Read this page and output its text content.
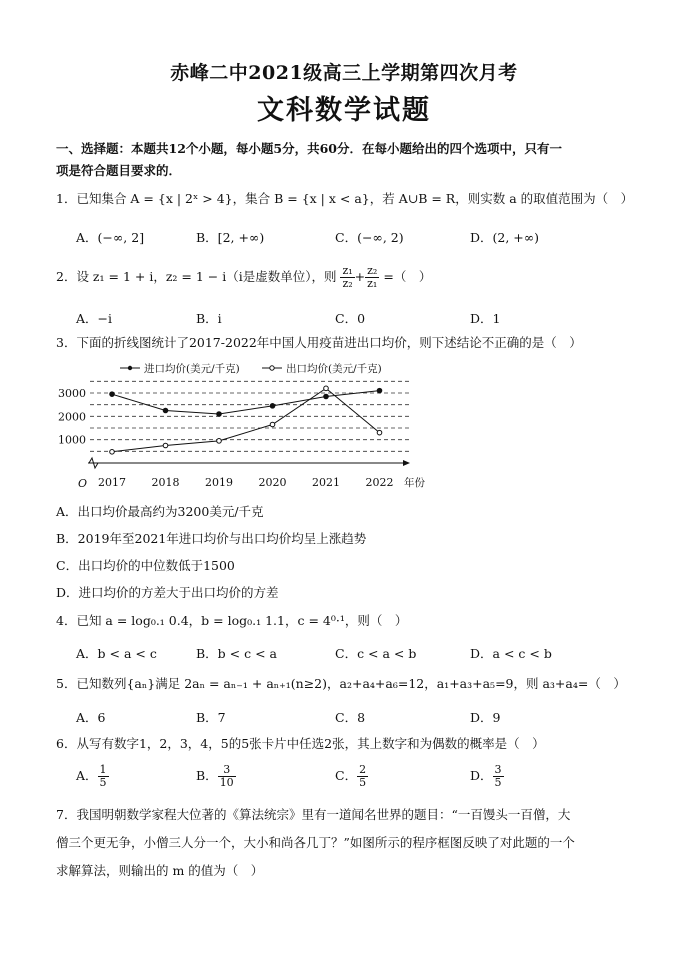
赤峰二中2021级高三上学期第四次月考
文科数学试题
一、选择题：本题共12个小题，每小题5分，共60分．在每小题给出的四个选项中，只有一
项是符合题目要求的．
1．已知集合 A = {x | 2ˣ > 4}，集合 B = {x | x < a}，若 A∪B = R，则实数 a 的取值范围为（　）
A．(−∞, 2]	B．[2, +∞)	C．(−∞, 2)	D．(2, +∞)
2．设 z₁ = 1 + i，z₂ = 1 − i（i是虚数单位），则 $\frac{\text{z₁}}{\text{z₂}} + \frac{\text{z₂}}{\text{z₁}}$ =（　）
A．−i	B．i	C．0	D．1
3．下面的折线图统计了2017-2022年中国人用疫苗进出口均价，则下述结论不正确的是（　）
进口均价(美元/千克)	出口均价(美元/千克)
O	年份
1000
2000
3000
2017 2018 2019 2020 2021 2022
A．出口均价最高约为3200美元/千克
B．2019年至2021年进口均价与出口均价均呈上涨趋势
C．出口均价的中位数低于1500
D．进口均价的方差大于出口均价的方差
4．已知 a = log₀.₁ 0.4，b = log₀.₁ 1.1，c = 4⁰·¹，则（　）
A．b < a < c	B．b < c < a	C．c < a < b	D．a < c < b
5．已知数列{aₙ}满足 2aₙ = aₙ₋₁ + aₙ₊₁(n≥2)，a₂+a₄+a₆=12，a₁+a₃+a₅=9，则 a₃+a₄=（　）
A．6	B．7	C．8	D．9
6．从写有数字1，2，3，4，5的5张卡片中任选2张，其上数字和为偶数的概率是（　）
A． $\frac{1}{5}$	B． $\frac{3}{10}$	C． $\frac{2}{5}$	D． $\frac{3}{5}$
7．我国明朝数学家程大位著的《算法统宗》里有一道闻名世界的题目：“一百馒头一百僧，大
僧三个更无争，小僧三人分一个，大小和尚各几丁？”如图所示的程序框图反映了对此题的一个
求解算法，则输出的 m 的值为（　）
